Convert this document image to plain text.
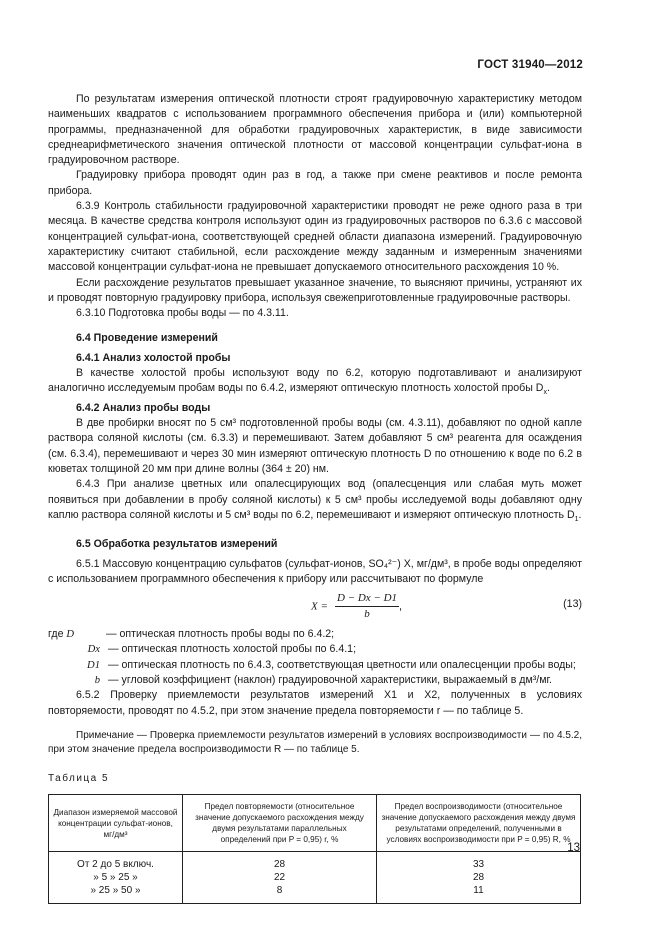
ГОСТ 31940—2012

По результатам измерения оптической плотности строят градуировочную характеристику методом наименьших квадратов с использованием программного обеспечения прибора и (или) компьютерной программы, предназначенной для обработки градуировочных характеристик, в виде зависимости среднеарифметического значения оптической плотности от массовой концентрации сульфат-иона в градуировочном растворе.

Градуировку прибора проводят один раз в год, а также при смене реактивов и после ремонта прибора.

6.3.9 Контроль стабильности градуировочной характеристики проводят не реже одного раза в три месяца. В качестве средства контроля используют один из градуировочных растворов по 6.3.6 с массовой концентрацией сульфат-иона, соответствующей средней области диапазона измерений. Градуировочную характеристику считают стабильной, если расхождение между заданным и измеренным значениями массовой концентрации сульфат-иона не превышает допускаемого относительного расхождения 10 %.

Если расхождение результатов превышает указанное значение, то выясняют причины, устраняют их и проводят повторную градуировку прибора, используя свежеприготовленные градуировочные растворы.

6.3.10 Подготовка пробы воды — по 4.3.11.

6.4 Проведение измерений

6.4.1 Анализ холостой пробы

В качестве холостой пробы используют воду по 6.2, которую подготавливают и анализируют аналогично исследуемым пробам воды по 6.4.2, измеряют оптическую плотность холостой пробы $D_x$.

6.4.2 Анализ пробы воды

В две пробирки вносят по 5 см³ подготовленной пробы воды (см. 4.3.11), добавляют по одной капле раствора соляной кислоты (см. 6.3.3) и перемешивают. Затем добавляют 5 см³ реагента для осаждения (см. 6.3.4), перемешивают и через 30 мин измеряют оптическую плотность D по отношению к воде по 6.2 в кюветах толщиной 20 мм при длине волны (364 ± 20) нм.

6.4.3 При анализе цветных или опалесцирующих вод (опалесценция или слабая муть может появиться при добавлении в пробу соляной кислоты) к 5 см³ пробы исследуемой воды добавляют одну каплю раствора соляной кислоты и 5 см³ воды по 6.2, перемешивают и измеряют оптическую плотность $D_1$.

6.5 Обработка результатов измерений

6.5.1 Массовую концентрацию сульфатов (сульфат-ионов, SO₄²⁻) X, мг/дм³, в пробе воды определяют с использованием программного обеспечения к прибору или рассчитывают по формуле

$X = \frac{D - Dx - D1}{b}$ ,	(13)
где D	— оптическая плотность пробы воды по 6.4.2;
Dx — оптическая плотность холостой пробы по 6.4.1;
D1 — оптическая плотность по 6.4.3, соответствующая цветности или опалесценции пробы воды;
b — угловой коэффициент (наклон) градуировочной характеристики, выражаемый в дм³/мг.

6.5.2 Проверку приемлемости результатов измерений X1 и X2, полученных в условиях повторяемости, проводят по 4.5.2, при этом значение предела повторяемости r — по таблице 5.

Примечание — Проверка приемлемости результатов измерений в условиях воспроизводимости — по 4.5.2, при этом значение предела воспроизводимости R — по таблице 5.

Таблица 5
Диапазон измеряемой массовой концентрации сульфат-ионов, мг/дм³	Предел повторяемости (относительное значение допускаемого расхождения между двумя результатами параллельных определений при P = 0,95) r, %	Предел воспроизводимости (относительное значение допускаемого расхождения между двумя результатами определений, полученными в условиях воспроизводимости при P = 0,95) R, %
От 2 до 5 включ.	28	33
» 5 » 25 »	22	28
» 25 » 50 »	8	11
13
